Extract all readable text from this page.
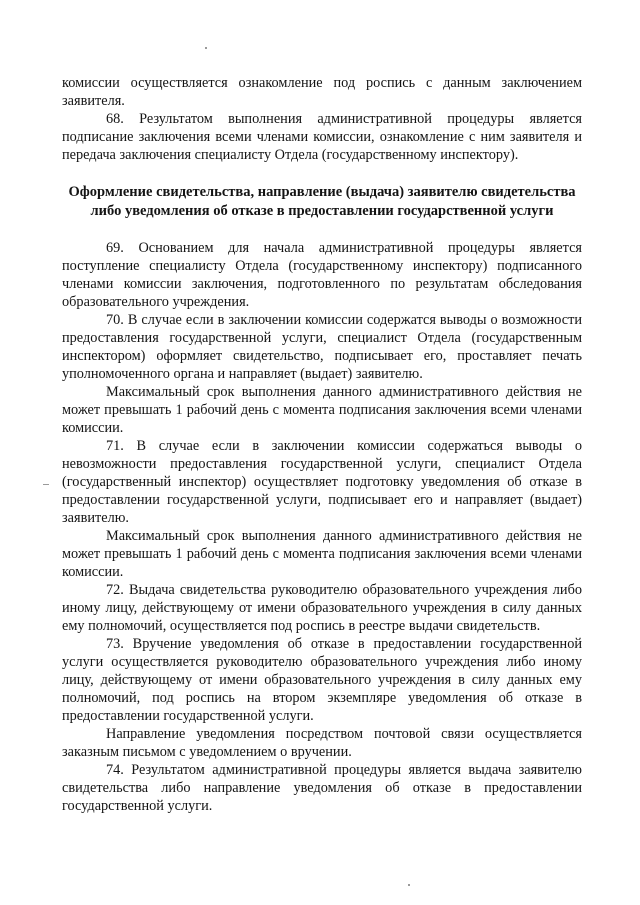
комиссии осуществляется ознакомление под роспись с данным заключением заявителя.

68. Результатом выполнения административной процедуры является подписание заключения всеми членами комиссии, ознакомление с ним заявителя и передача заключения специалисту Отдела (государственному инспектору).

Оформление свидетельства, направление (выдача) заявителю свидетельства либо уведомления об отказе в предоставлении государственной услуги

69. Основанием для начала административной процедуры является поступление специалисту Отдела (государственному инспектору) подписанного членами комиссии заключения, подготовленного по результатам обследования образовательного учреждения.

70. В случае если в заключении комиссии содержатся выводы о возможности предоставления государственной услуги, специалист Отдела (государственным инспектором) оформляет свидетельство, подписывает его, проставляет печать уполномоченного органа и направляет (выдает) заявителю.

Максимальный срок выполнения данного административного действия не может превышать 1 рабочий день с момента подписания заключения всеми членами комиссии.

71. В случае если в заключении комиссии содержаться выводы о невозможности предоставления государственной услуги, специалист Отдела (государственный инспектор) осуществляет подготовку уведомления об отказе в предоставлении государственной услуги, подписывает его и направляет (выдает) заявителю.

Максимальный срок выполнения данного административного действия не может превышать 1 рабочий день с момента подписания заключения всеми членами комиссии.

72. Выдача свидетельства руководителю образовательного учреждения либо иному лицу, действующему от имени образовательного учреждения в силу данных ему полномочий, осуществляется под роспись в реестре выдачи свидетельств.

73. Вручение уведомления об отказе в предоставлении государственной услуги осуществляется руководителю образовательного учреждения либо иному лицу, действующему от имени образовательного учреждения в силу данных ему полномочий, под роспись на втором экземпляре уведомления об отказе в предоставлении государственной услуги.

Направление уведомления посредством почтовой связи осуществляется заказным письмом с уведомлением о вручении.

74. Результатом административной процедуры является выдача заявителю свидетельства либо направление уведомления об отказе в предоставлении государственной услуги.
